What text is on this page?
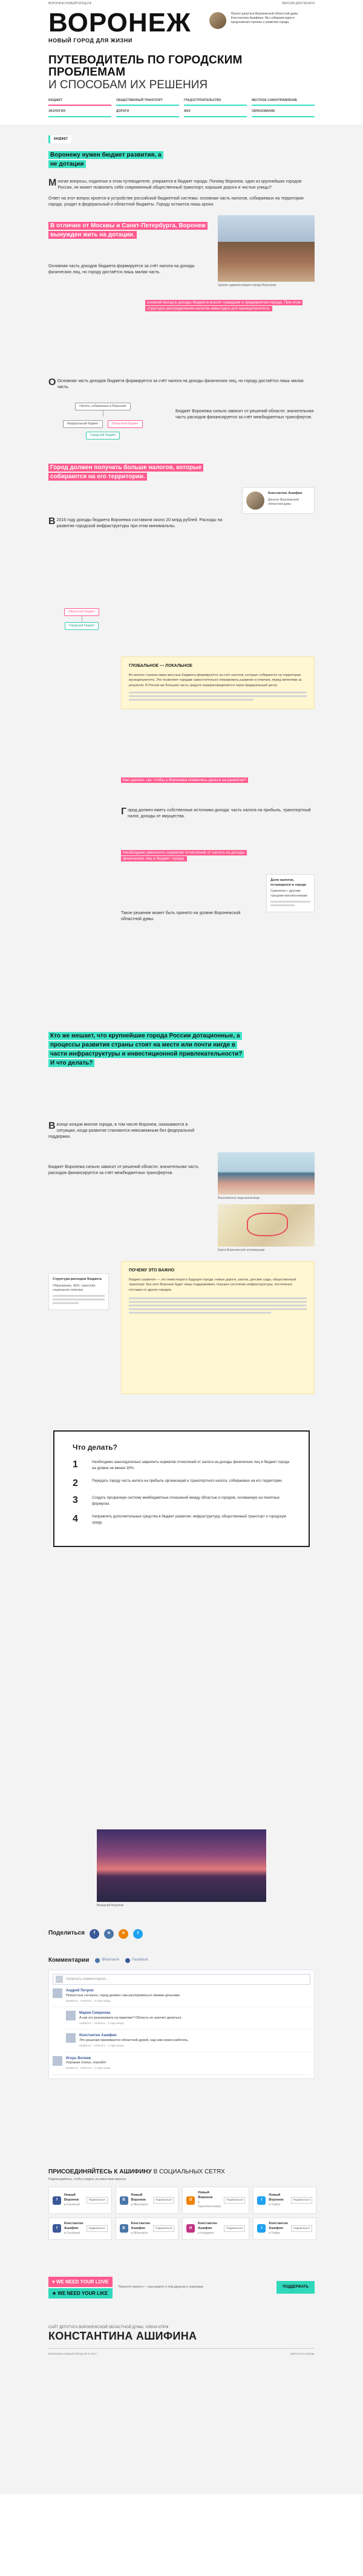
ВОРОНЕЖ.НОВЫЙГОРОД.РФ	ВЕРСИЯ ДЛЯ ПЕЧАТИ
ВОРОНЕЖ
НОВЫЙ ГОРОД ДЛЯ ЖИЗНИ
Проект депутата Воронежской областной думы Константина Ашифина. Мы собираем идеи и предложения горожан о развитии города.
ПУТЕВОДИТЕЛЬ ПО ГОРОДСКИМ ПРОБЛЕМАМ
И СПОСОБАМ ИХ РЕШЕНИЯ
БЮДЖЕТ	ОБЩЕСТВЕННЫЙ ТРАНСПОРТ	ГРАДОСТРОИТЕЛЬСТВО	МЕСТНОЕ САМОУПРАВЛЕНИЕ
ЭКОЛОГИЯ	ДОРОГИ	ЖКХ	ОБРАЗОВАНИЕ
БЮДЖЕТ
Воронежу нужен бюджет развития, а не дотации
М ногие вопросы, поднятые в этом путеводителе, упираются в бюджет города. Почему Воронеж, один из крупнейших городов России, не может позволить себе современный общественный транспорт, хорошие дороги и чистые улицы?
Ответ на этот вопрос кроется в устройстве российской бюджетной системы: основная часть налогов, собираемых на территории города, уходит в федеральный и областной бюджеты. Городу остаются лишь крохи.
Здание администрации города Воронежа
В отличие от Москвы и Санкт-Петербурга, Воронеж вынужден жить на дотации.
Основная часть доходов бюджета формируется за счёт налога на доходы физических лиц, но городу достаётся лишь малая часть.
сновной вклад в доходы бюджета вносят граждане и предприятия города. При этом структура распределения налогов невыгодна для муниципалитета.
О Основная часть доходов бюджета формируется за счёт налога на доходы физических лиц, но городу достаётся лишь малая часть.
Налоги, собираемые в Воронеже
Федеральный бюджет	Областной бюджет
Городской бюджет
Бюджет Воронежа сильно зависит от решений области: значительная часть расходов финансируется за счёт межбюджетных трансфертов.
Город должен получать больше налогов, которые собираются на его территории.
Константин Ашифин
Депутат Воронежской областной думы
В 2016 году доходы бюджета Воронежа составили около 20 млрд рублей. Расходы на развитие городской инфраструктуры при этом минимальны.
Областной бюджет
Городской бюджет
ГЛОБАЛЬНОЕ — ЛОКАЛЬНОЕ
Во многих странах мира местные бюджеты формируются за счёт налогов, которые собираются на территории муниципалитета. Это позволяет городам самостоятельно планировать развитие и отвечать перед жителями за результат. В России же большая часть средств перераспределяется через федеральный центр.
Как сделать так, чтобы у Воронежа появились деньги на развитие?
Г ород должен иметь собственные источники дохода: часть налога на прибыль, транспортный налог, доходы от имущества.
Необходимо увеличить норматив отчислений от налога на доходы физических лиц в бюджет города.
Доля налогов, остающихся в городе
Сравнение с другими городами-миллионниками
Такое решение может быть принято на уровне Воронежской областной думы.
Кто же мешает, что крупнейшие города России дотационные, а процессы развития страны стоят на месте или почти нигде в части инфраструктуры и инвестиционной привлекательности? И что делать?
В конце концов многие города, в том числе Воронеж, оказываются в ситуации, когда развитие становится невозможным без федеральной поддержки.
Воронежское водохранилище
Карта Воронежской агломерации
Бюджет Воронежа сильно зависит от решений области: значительная часть расходов финансируется за счёт межбюджетных трансфертов.
Структура расходов бюджета
Образование, ЖКХ, транспорт, социальная политика
ПОЧЕМУ ЭТО ВАЖНО
Бюджет развития — это инвестиции в будущее города: новые дороги, школы, детские сады, общественный транспорт. Без него Воронеж будет лишь поддерживать текущее состояние инфраструктуры, постепенно отставая от других городов.
Что делать?
1	Необходимо законодательно закрепить норматив отчислений от налога на доходы физических лиц в бюджет города на уровне не менее 30%.
2	Передать городу часть налога на прибыль организаций и транспортного налога, собираемых на его территории.
3	Создать прозрачную систему межбюджетных отношений между областью и городом, основанную на понятных формулах.
4	Направлять дополнительные средства в бюджет развития: инфраструктуру, общественный транспорт и городскую среду.
Вечерний Воронеж
Поделиться	f	в	о	t
Комментарии	ВКонтакте	Facebook
Написать комментарий...
Андрей Петров
Полностью согласен, город должен сам распоряжаться своими деньгами.
Нравится · Ответить · 2 года назад
Мария Смирнова
А как это реализовать на практике? Область не захочет делиться.
Нравится · Ответить · 2 года назад
Константин Ашифин
Это решение принимается областной думой, над ним нужно работать.
Нравится · Ответить · 2 года назад
Игорь Волков
Хорошая статья, спасибо!
Нравится · Ответить · 2 года назад
ПРИСОЕДИНЯЙТЕСЬ К АШИФИНУ В СОЦИАЛЬНЫХ СЕТЯХ
Подписывайтесь, чтобы следить за новостями проекта
f
Новый Воронеж
в Facebook
Подписаться	В
Новый Воронеж
в ВКонтакте
Подписаться	О
Новый Воронеж
в Одноклассниках
Подписаться	t
Новый Воронеж
в Twitter
Подписаться
f
Константин Ашифин
в Facebook
Подписаться	В
Константин Ашифин
в ВКонтакте
Подписаться	И
Константин Ашифин
в Instagram
Подписаться	t
Константин Ашифин
в Twitter
Подписаться
♥ WE NEED YOUR LOVE
★ WE NEED YOUR LIKE
Помогите проекту — расскажите о нём друзьям и знакомым	ПОДДЕРЖАТЬ
САЙТ ДЕПУТАТА ВОРОНЕЖСКОЙ ОБЛАСТНОЙ ДУМЫ, ЧЛЕНА КПРФ
КОНСТАНТИНА АШИФИНА
ВОРОНЕЖ.НОВЫЙГОРОД.РФ © 2017	ОБРАТНАЯ СВЯЗЬ
